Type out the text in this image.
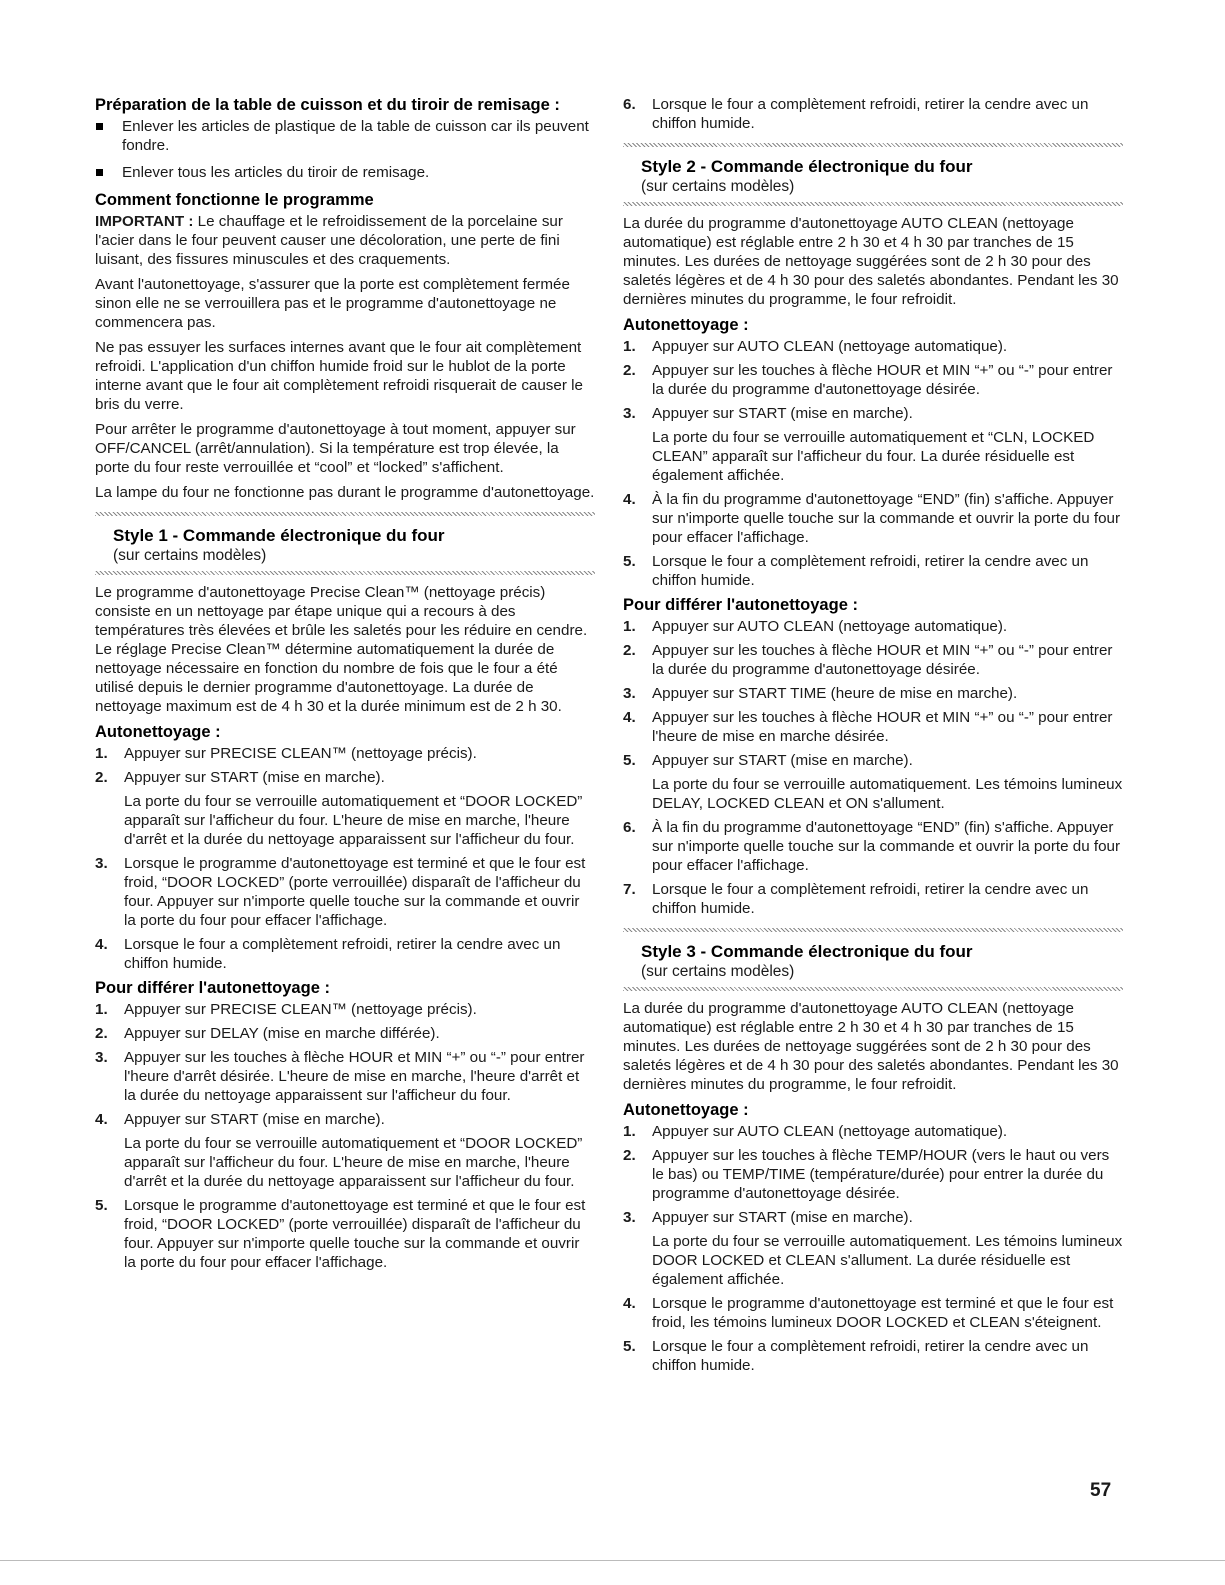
Préparation de la table de cuisson et du tiroir de remisage :
Enlever les articles de plastique de la table de cuisson car ils peuvent fondre.
Enlever tous les articles du tiroir de remisage.
Comment fonctionne le programme

IMPORTANT : Le chauffage et le refroidissement de la porcelaine sur l'acier dans le four peuvent causer une décoloration, une perte de fini luisant, des fissures minuscules et des craquements.

Avant l'autonettoyage, s'assurer que la porte est complètement fermée sinon elle ne se verrouillera pas et le programme d'autonettoyage ne commencera pas.

Ne pas essuyer les surfaces internes avant que le four ait complètement refroidi. L'application d'un chiffon humide froid sur le hublot de la porte interne avant que le four ait complètement refroidi risquerait de causer le bris du verre.

Pour arrêter le programme d'autonettoyage à tout moment, appuyer sur OFF/CANCEL (arrêt/annulation). Si la température est trop élevée, la porte du four reste verrouillée et “cool” et “locked” s'affichent.

La lampe du four ne fonctionne pas durant le programme d'autonettoyage.

Style 1 - Commande électronique du four
(sur certains modèles)

Le programme d'autonettoyage Precise Clean™ (nettoyage précis) consiste en un nettoyage par étape unique qui a recours à des températures très élevées et brûle les saletés pour les réduire en cendre. Le réglage Precise Clean™ détermine automatiquement la durée de nettoyage nécessaire en fonction du nombre de fois que le four a été utilisé depuis le dernier programme d'autonettoyage. La durée de nettoyage maximum est de 4 h 30 et la durée minimum est de 2 h 30.

Autonettoyage :
1. Appuyer sur PRECISE CLEAN™ (nettoyage précis).
2. Appuyer sur START (mise en marche).
La porte du four se verrouille automatiquement et “DOOR LOCKED” apparaît sur l'afficheur du four. L'heure de mise en marche, l'heure d'arrêt et la durée du nettoyage apparaissent sur l'afficheur du four.
3. Lorsque le programme d'autonettoyage est terminé et que le four est froid, “DOOR LOCKED” (porte verrouillée) disparaît de l'afficheur du four. Appuyer sur n'importe quelle touche sur la commande et ouvrir la porte du four pour effacer l'affichage.
4. Lorsque le four a complètement refroidi, retirer la cendre avec un chiffon humide.
Pour différer l'autonettoyage :
1. Appuyer sur PRECISE CLEAN™ (nettoyage précis).
2. Appuyer sur DELAY (mise en marche différée).
3. Appuyer sur les touches à flèche HOUR et MIN “+” ou “-” pour entrer l'heure d'arrêt désirée. L'heure de mise en marche, l'heure d'arrêt et la durée du nettoyage apparaissent sur l'afficheur du four.
4. Appuyer sur START (mise en marche).
La porte du four se verrouille automatiquement et “DOOR LOCKED” apparaît sur l'afficheur du four. L'heure de mise en marche, l'heure d'arrêt et la durée du nettoyage apparaissent sur l'afficheur du four.
5. Lorsque le programme d'autonettoyage est terminé et que le four est froid, “DOOR LOCKED” (porte verrouillée) disparaît de l'afficheur du four. Appuyer sur n'importe quelle touche sur la commande et ouvrir la porte du four pour effacer l'affichage.
6. Lorsque le four a complètement refroidi, retirer la cendre avec un chiffon humide.
Style 2 - Commande électronique du four
(sur certains modèles)

La durée du programme d'autonettoyage AUTO CLEAN (nettoyage automatique) est réglable entre 2 h 30 et 4 h 30 par tranches de 15 minutes. Les durées de nettoyage suggérées sont de 2 h 30 pour des saletés légères et de 4 h 30 pour des saletés abondantes. Pendant les 30 dernières minutes du programme, le four refroidit.

Autonettoyage :
1. Appuyer sur AUTO CLEAN (nettoyage automatique).
2. Appuyer sur les touches à flèche HOUR et MIN “+” ou “-” pour entrer la durée du programme d'autonettoyage désirée.
3. Appuyer sur START (mise en marche).
La porte du four se verrouille automatiquement et “CLN, LOCKED CLEAN” apparaît sur l'afficheur du four. La durée résiduelle est également affichée.
4. À la fin du programme d'autonettoyage “END” (fin) s'affiche. Appuyer sur n'importe quelle touche sur la commande et ouvrir la porte du four pour effacer l'affichage.
5. Lorsque le four a complètement refroidi, retirer la cendre avec un chiffon humide.
Pour différer l'autonettoyage :
1. Appuyer sur AUTO CLEAN (nettoyage automatique).
2. Appuyer sur les touches à flèche HOUR et MIN “+” ou “-” pour entrer la durée du programme d'autonettoyage désirée.
3. Appuyer sur START TIME (heure de mise en marche).
4. Appuyer sur les touches à flèche HOUR et MIN “+” ou “-” pour entrer l'heure de mise en marche désirée.
5. Appuyer sur START (mise en marche).
La porte du four se verrouille automatiquement. Les témoins lumineux DELAY, LOCKED CLEAN et ON s'allument.
6. À la fin du programme d'autonettoyage “END” (fin) s'affiche. Appuyer sur n'importe quelle touche sur la commande et ouvrir la porte du four pour effacer l'affichage.
7. Lorsque le four a complètement refroidi, retirer la cendre avec un chiffon humide.
Style 3 - Commande électronique du four
(sur certains modèles)

La durée du programme d'autonettoyage AUTO CLEAN (nettoyage automatique) est réglable entre 2 h 30 et 4 h 30 par tranches de 15 minutes. Les durées de nettoyage suggérées sont de 2 h 30 pour des saletés légères et de 4 h 30 pour des saletés abondantes. Pendant les 30 dernières minutes du programme, le four refroidit.

Autonettoyage :
1. Appuyer sur AUTO CLEAN (nettoyage automatique).
2. Appuyer sur les touches à flèche TEMP/HOUR (vers le haut ou vers le bas) ou TEMP/TIME (température/durée) pour entrer la durée du programme d'autonettoyage désirée.
3. Appuyer sur START (mise en marche).
La porte du four se verrouille automatiquement. Les témoins lumineux DOOR LOCKED et CLEAN s'allument. La durée résiduelle est également affichée.
4. Lorsque le programme d'autonettoyage est terminé et que le four est froid, les témoins lumineux DOOR LOCKED et CLEAN s'éteignent.
5. Lorsque le four a complètement refroidi, retirer la cendre avec un chiffon humide.
57
